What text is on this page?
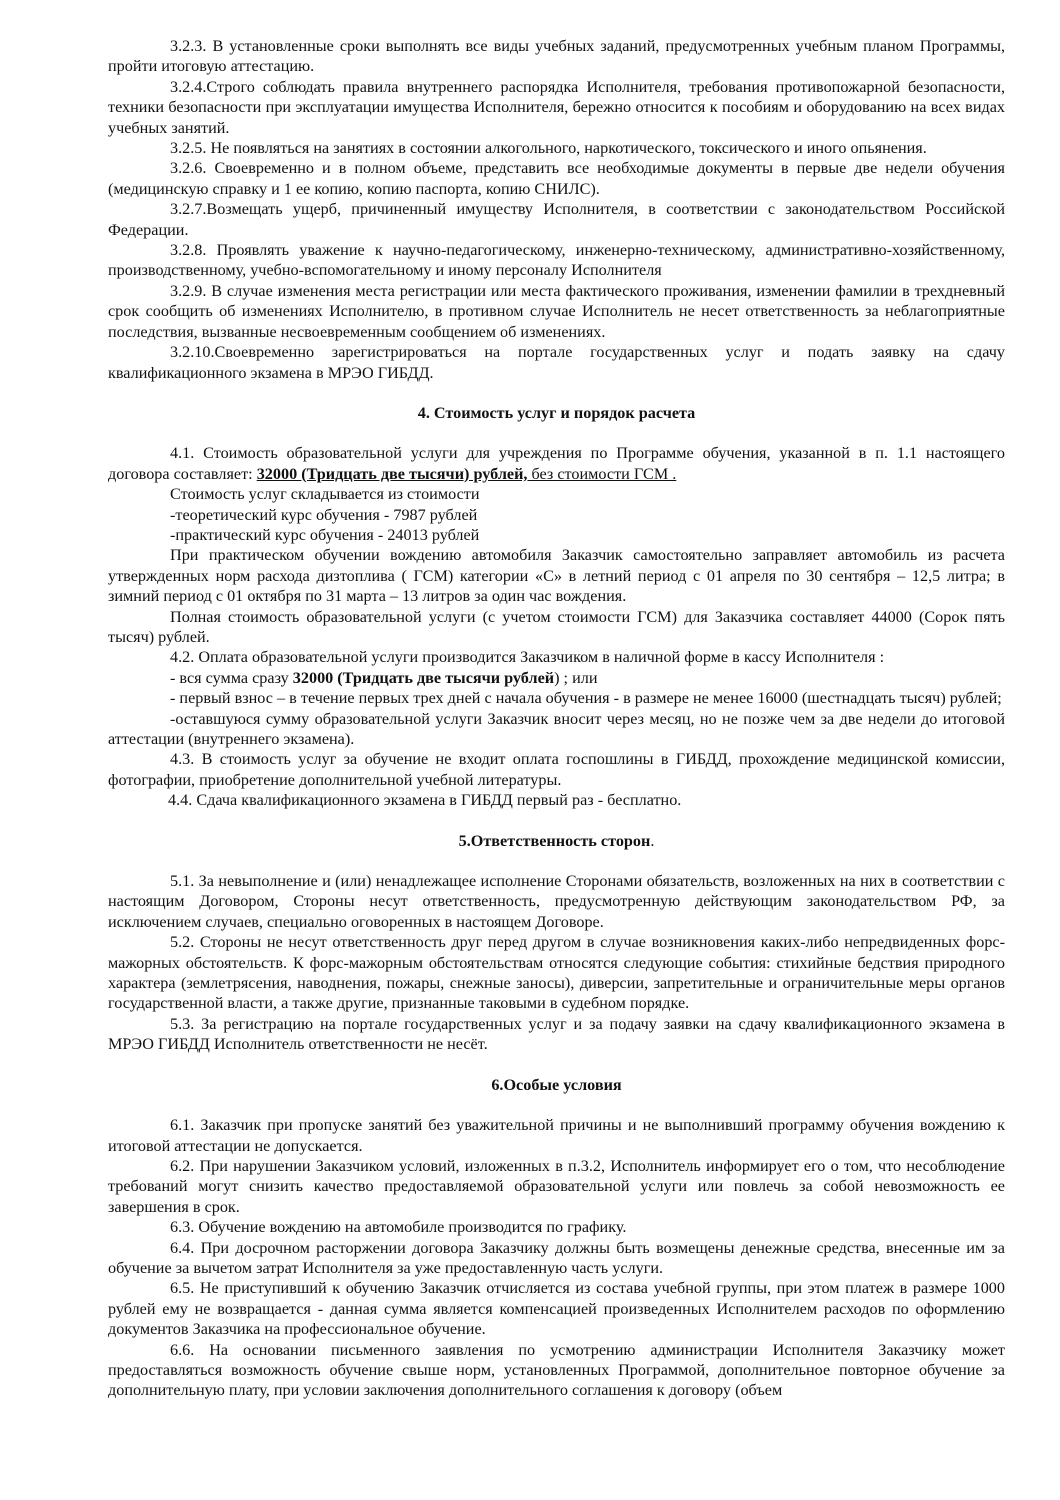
3.2.3. В установленные сроки выполнять все виды учебных заданий, предусмотренных учебным планом Программы, пройти итоговую аттестацию.

3.2.4.Строго соблюдать правила внутреннего распорядка Исполнителя, требования противопожарной безопасности, техники безопасности при эксплуатации имущества Исполнителя, бережно относится к пособиям и оборудованию на всех видах учебных занятий.

3.2.5. Не появляться на занятиях в состоянии алкогольного, наркотического, токсического и иного опьянения.

3.2.6. Своевременно и в полном объеме, представить все необходимые документы в первые две недели обучения (медицинскую справку и 1 ее копию, копию паспорта, копию СНИЛС).

3.2.7.Возмещать ущерб, причиненный имуществу Исполнителя, в соответствии с законодательством Российской Федерации.

3.2.8. Проявлять уважение к научно-педагогическому, инженерно-техническому, административно-хозяйственному, производственному, учебно-вспомогательному и иному персоналу Исполнителя

3.2.9. В случае изменения места регистрации или места фактического проживания, изменении фамилии в трехдневный срок сообщить об изменениях Исполнителю, в противном случае Исполнитель не несет ответственность за неблагоприятные последствия, вызванные несвоевременным сообщением об изменениях.

3.2.10.Своевременно зарегистрироваться на портале государственных услуг и подать заявку на сдачу квалификационного экзамена в МРЭО ГИБДД.

4. Стоимость услуг и порядок расчета

4.1. Стоимость образовательной услуги для учреждения по Программе обучения, указанной в п. 1.1 настоящего договора составляет: 32000 (Тридцать две тысячи) рублей, без стоимости ГСМ .

Стоимость услуг складывается из стоимости

-теоретический курс обучения - 7987 рублей

-практический курс обучения - 24013 рублей

При практическом обучении вождению автомобиля Заказчик самостоятельно заправляет автомобиль из расчета утвержденных норм расхода дизтоплива ( ГСМ) категории «С» в летний период с 01 апреля по 30 сентября – 12,5 литра; в зимний период с 01 октября по 31 марта – 13 литров за один час вождения.

Полная стоимость образовательной услуги (с учетом стоимости ГСМ) для Заказчика составляет 44000 (Сорок пять тысяч) рублей.

4.2. Оплата образовательной услуги производится Заказчиком в наличной форме в кассу Исполнителя :

- вся сумма сразу 32000 (Тридцать две тысячи рублей) ; или

- первый взнос – в течение первых трех дней с начала обучения - в размере не менее 16000 (шестнадцать тысяч) рублей;

-оставшуюся сумму образовательной услуги Заказчик вносит через месяц, но не позже чем за две недели до итоговой аттестации (внутреннего экзамена).

4.3. В стоимость услуг за обучение не входит оплата госпошлины в ГИБДД, прохождение медицинской комиссии, фотографии, приобретение дополнительной учебной литературы.

4.4. Сдача квалификационного экзамена в ГИБДД первый раз - бесплатно.

5.Ответственность сторон.

5.1. За невыполнение и (или) ненадлежащее исполнение Сторонами обязательств, возложенных на них в соответствии с настоящим Договором, Стороны несут ответственность, предусмотренную действующим законодательством РФ, за исключением случаев, специально оговоренных в настоящем Договоре.

5.2. Стороны не несут ответственность друг перед другом в случае возникновения каких-либо непредвиденных форс-мажорных обстоятельств. К форс-мажорным обстоятельствам относятся следующие события: стихийные бедствия природного характера (землетрясения, наводнения, пожары, снежные заносы), диверсии, запретительные и ограничительные меры органов государственной власти, а также другие, признанные таковыми в судебном порядке.

5.3. За регистрацию на портале государственных услуг и за подачу заявки на сдачу квалификационного экзамена в МРЭО ГИБДД Исполнитель ответственности не несёт.

6.Особые условия

6.1. Заказчик при пропуске занятий без уважительной причины и не выполнивший программу обучения вождению к итоговой аттестации не допускается.

6.2. При нарушении Заказчиком условий, изложенных в п.3.2, Исполнитель информирует его о том, что несоблюдение требований могут снизить качество предоставляемой образовательной услуги или повлечь за собой невозможность ее завершения в срок.

6.3. Обучение вождению на автомобиле производится по графику.

6.4. При досрочном расторжении договора Заказчику должны быть возмещены денежные средства, внесенные им за обучение за вычетом затрат Исполнителя за уже предоставленную часть услуги.

6.5. Не приступивший к обучению Заказчик отчисляется из состава учебной группы, при этом платеж в размере 1000 рублей ему не возвращается - данная сумма является компенсацией произведенных Исполнителем расходов по оформлению документов Заказчика на профессиональное обучение.

6.6. На основании письменного заявления по усмотрению администрации Исполнителя Заказчику может предоставляться возможность обучение свыше норм, установленных Программой, дополнительное повторное обучение за дополнительную плату, при условии заключения дополнительного соглашения к договору (объем
